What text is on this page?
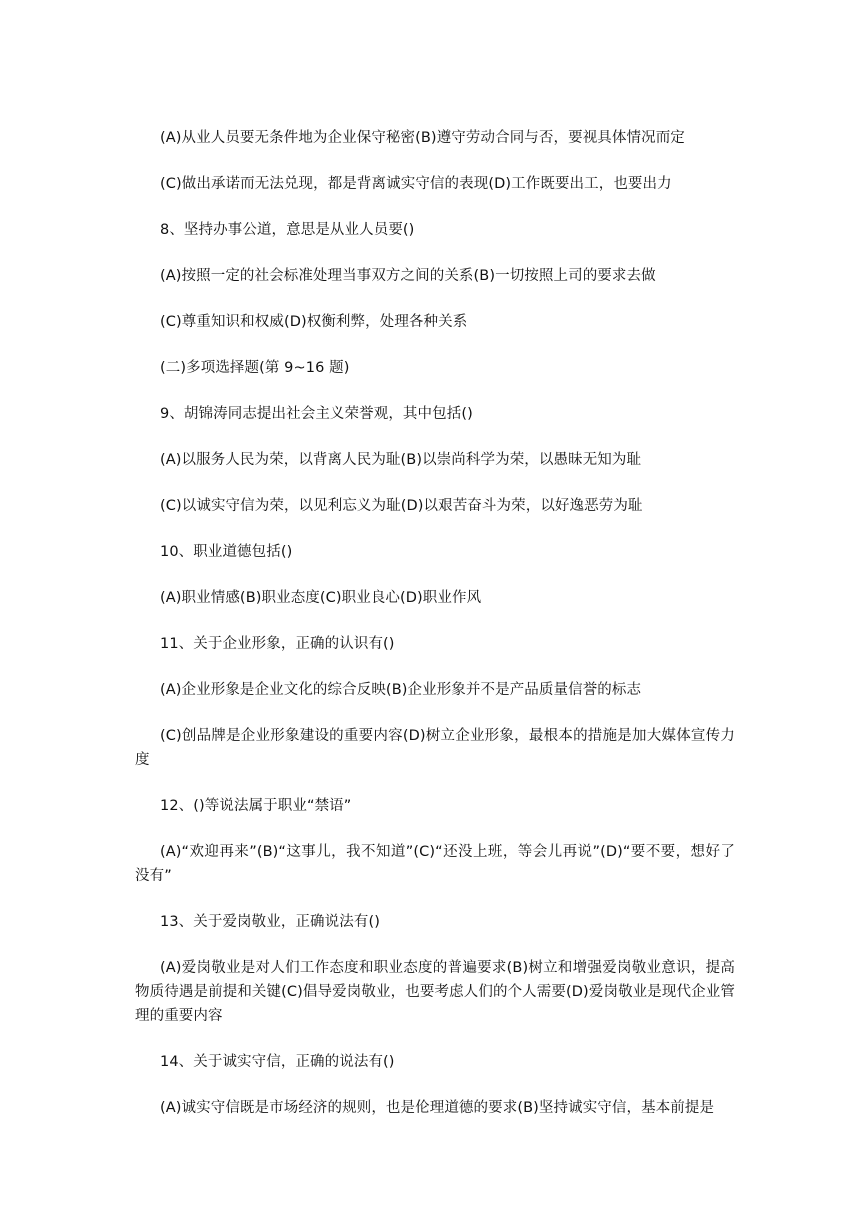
(A)从业人员要无条件地为企业保守秘密(B)遵守劳动合同与否，要视具体情况而定

(C)做出承诺而无法兑现，都是背离诚实守信的表现(D)工作既要出工，也要出力

8、坚持办事公道，意思是从业人员要()

(A)按照一定的社会标准处理当事双方之间的关系(B)一切按照上司的要求去做

(C)尊重知识和权威(D)权衡利弊，处理各种关系

(二)多项选择题(第 9~16 题)

9、胡锦涛同志提出社会主义荣誉观，其中包括()

(A)以服务人民为荣，以背离人民为耻(B)以崇尚科学为荣，以愚昧无知为耻

(C)以诚实守信为荣，以见利忘义为耻(D)以艰苦奋斗为荣，以好逸恶劳为耻

10、职业道德包括()

(A)职业情感(B)职业态度(C)职业良心(D)职业作风

11、关于企业形象，正确的认识有()

(A)企业形象是企业文化的综合反映(B)企业形象并不是产品质量信誉的标志

(C)创品牌是企业形象建设的重要内容(D)树立企业形象，最根本的措施是加大媒体宣传力度

12、()等说法属于职业“禁语”

(A)“欢迎再来”(B)“这事儿，我不知道”(C)“还没上班，等会儿再说”(D)“要不要，想好了没有”

13、关于爱岗敬业，正确说法有()

(A)爱岗敬业是对人们工作态度和职业态度的普遍要求(B)树立和增强爱岗敬业意识，提高物质待遇是前提和关键(C)倡导爱岗敬业，也要考虑人们的个人需要(D)爱岗敬业是现代企业管理的重要内容

14、关于诚实守信，正确的说法有()

(A)诚实守信既是市场经济的规则，也是伦理道德的要求(B)坚持诚实守信，基本前提是
